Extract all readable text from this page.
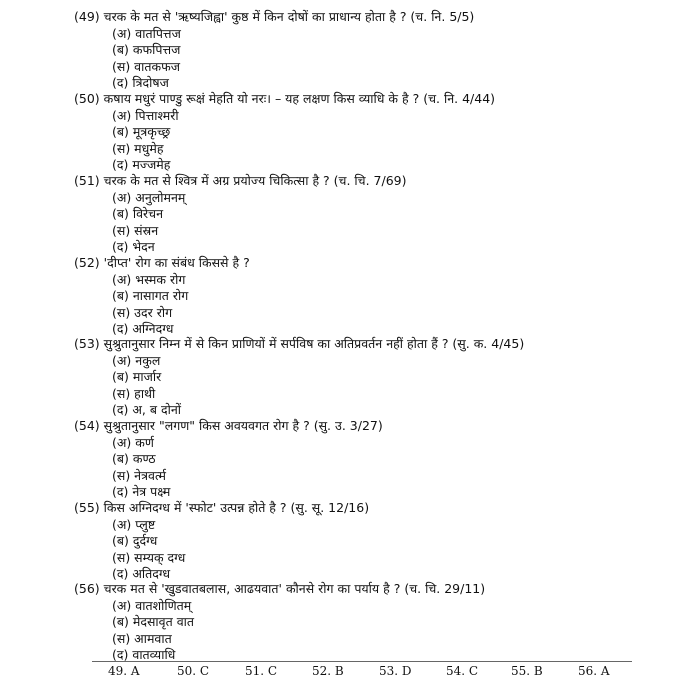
(49) चरक के मत से 'ऋष्यजिह्वा' कुष्ठ में किन दोषों का प्राधान्य होता है ? (च. नि. 5/5)
(अ) वातपित्तज
(ब) कफपित्तज
(स) वातकफज
(द) त्रिदोषज
(50) कषाय मधुरं पाण्डु रूक्षं मेहति यो नरः। – यह लक्षण किस व्याधि के है ? (च. नि. 4/44)
(अ) पित्ताश्मरी
(ब) मूत्रकृच्छ्र
(स) मधुमेह
(द) मज्जमेह
(51) चरक के मत से श्वित्र में अग्र प्रयोज्य चिकित्सा है ? (च. चि. 7/69)
(अ) अनुलोमनम्
(ब) विरेचन
(स) संस्रन
(द) भेदन
(52) 'दीप्त' रोग का संबंध किससे है ?
(अ) भस्मक रोग
(ब) नासागत रोग
(स) उदर रोग
(द) अग्निदग्ध
(53) सुश्रुतानुसार निम्न में से किन प्राणियों में सर्पविष का अतिप्रवर्तन नहीं होता हैं ? (सु. क. 4/45)
(अ) नकुल
(ब) मार्जार
(स) हाथी
(द) अ, ब दोनों
(54) सुश्रुतानुसार "लगण" किस अवयवगत रोग है ? (सु. उ. 3/27)
(अ) कर्ण
(ब) कण्ठ
(स) नेत्रवर्त्म
(द) नेत्र पक्ष्म
(55) किस अग्निदग्ध में 'स्फोट' उत्पन्न होते है ? (सु. सू. 12/16)
(अ) प्लुष्ट
(ब) दुर्दग्ध
(स) सम्यक् दग्ध
(द) अतिदग्ध
(56) चरक मत से 'खुडवातबलास, आढयवात' कौनसे रोग का पर्याय है ? (च. चि. 29/11)
(अ) वातशोणितम्
(ब) मेदसावृत वात
(स) आमवात
(द) वातव्याधि
49. A	50. C	51. C	52. B	53. D	54. C	55. B	56. A
